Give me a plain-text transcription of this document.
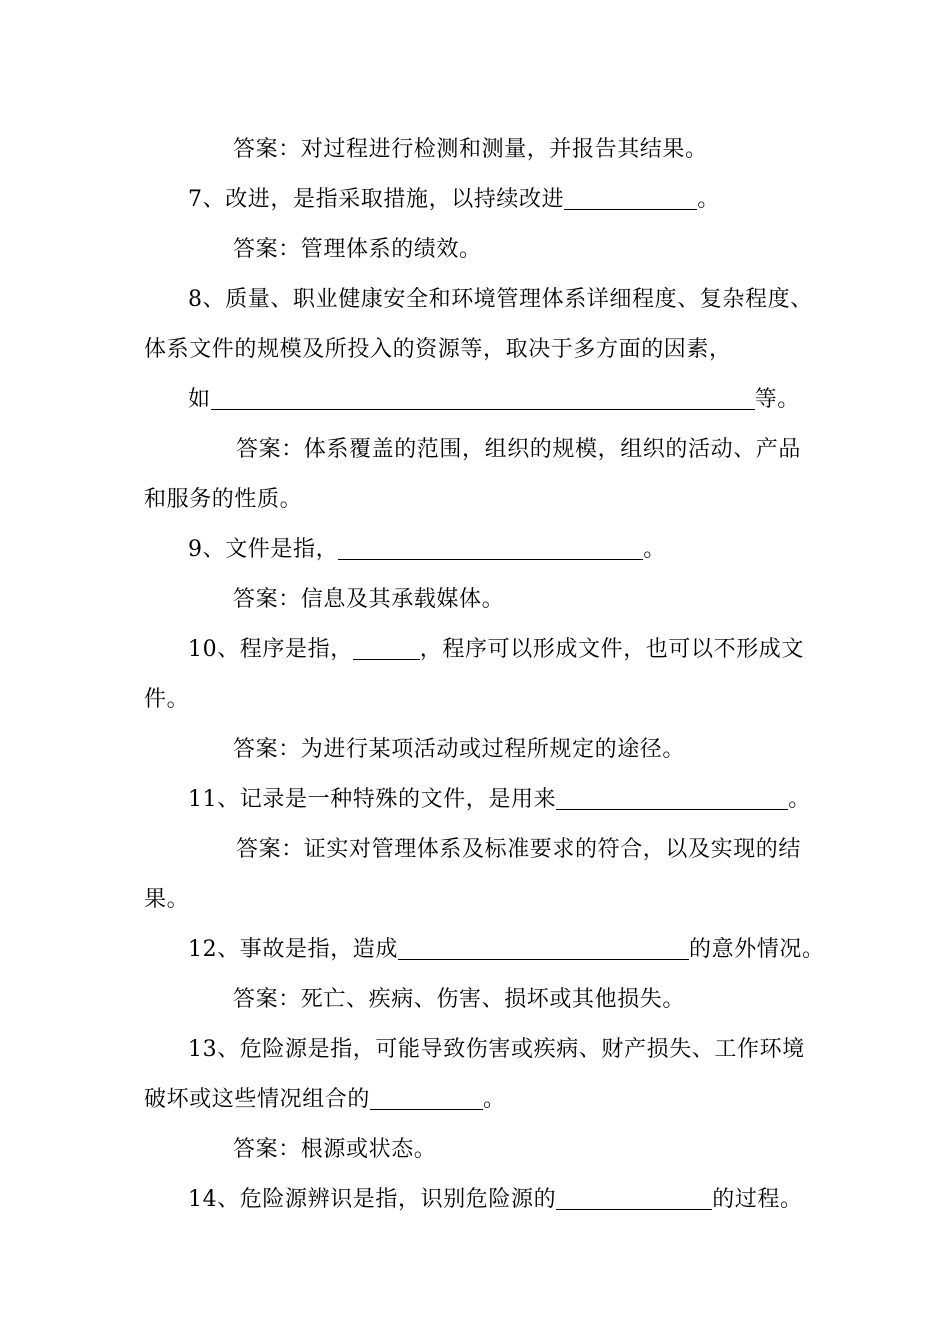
答案：对过程进行检测和测量，并报告其结果。
7、改进，是指采取措施，以持续改进	。
答案：管理体系的绩效。
8、质量、职业健康安全和环境管理体系详细程度、复杂程度、
体系文件的规模及所投入的资源等，取决于多方面的因素，
如	等。
答案：体系覆盖的范围，组织的规模，组织的活动、产品
和服务的性质。
9、文件是指，	。
答案：信息及其承载媒体。
10、程序是指，	，程序可以形成文件，也可以不形成文
件。
答案：为进行某项活动或过程所规定的途径。
11、记录是一种特殊的文件，是用来	。
答案：证实对管理体系及标准要求的符合，以及实现的结
果。
12、事故是指，造成	的意外情况。
答案：死亡、疾病、伤害、损坏或其他损失。
13、危险源是指，可能导致伤害或疾病、财产损失、工作环境
破坏或这些情况组合的	。
答案：根源或状态。
14、危险源辨识是指，识别危险源的	的过程。
